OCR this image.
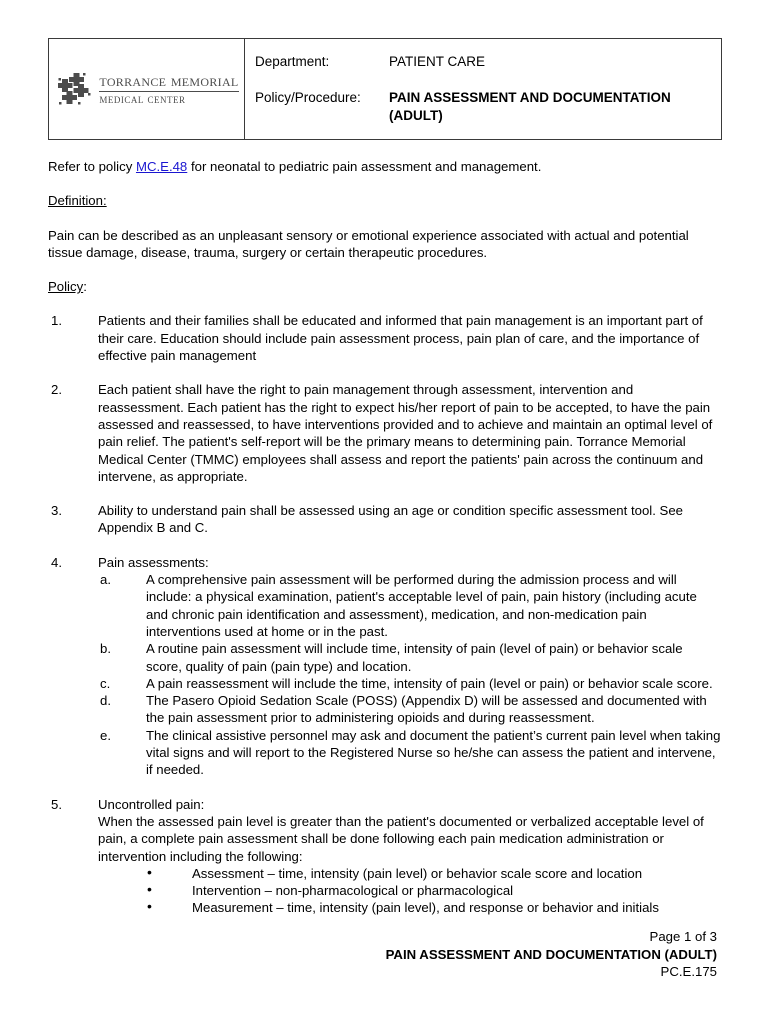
torrance memorial
medical center
Department:	PATIENT CARE
Policy/Procedure:	PAIN ASSESSMENT AND DOCUMENTATION (ADULT)

Refer to policy MC.E.48 for neonatal to pediatric pain assessment and management.

Definition:

Pain can be described as an unpleasant sensory or emotional experience associated with actual and potential tissue damage, disease, trauma, surgery or certain therapeutic procedures.

Policy:

1.	Patients and their families shall be educated and informed that pain management is an important part of their care. Education should include pain assessment process, pain plan of care, and the importance of effective pain management
2.	Each patient shall have the right to pain management through assessment, intervention and reassessment. Each patient has the right to expect his/her report of pain to be accepted, to have the pain assessed and reassessed, to have interventions provided and to achieve and maintain an optimal level of pain relief. The patient's self-report will be the primary means to determining pain. Torrance Memorial Medical Center (TMMC) employees shall assess and report the patients' pain across the continuum and intervene, as appropriate.
3.	Ability to understand pain shall be assessed using an age or condition specific assessment tool. See Appendix B and C.
4.	Pain assessments:
a.	A comprehensive pain assessment will be performed during the admission process and will include: a physical examination, patient's acceptable level of pain, pain history (including acute and chronic pain identification and assessment), medication, and non-medication pain interventions used at home or in the past.
b.	A routine pain assessment will include time, intensity of pain (level of pain) or behavior scale score, quality of pain (pain type) and location.
c.	A pain reassessment will include the time, intensity of pain (level or pain) or behavior scale score.
d.	The Pasero Opioid Sedation Scale (POSS) (Appendix D) will be assessed and documented with the pain assessment prior to administering opioids and during reassessment.
e.	The clinical assistive personnel may ask and document the patient’s current pain level when taking vital signs and will report to the Registered Nurse so he/she can assess the patient and intervene, if needed.
5.	Uncontrolled pain:
When the assessed pain level is greater than the patient's documented or verbalized acceptable level of pain, a complete pain assessment shall be done following each pain medication administration or intervention including the following:
•	Assessment – time, intensity (pain level) or behavior scale score and location
•	Intervention – non-pharmacological or pharmacological
•	Measurement – time, intensity (pain level), and response or behavior and initials
Page 1 of 3
PAIN ASSESSMENT AND DOCUMENTATION (ADULT)
PC.E.175
